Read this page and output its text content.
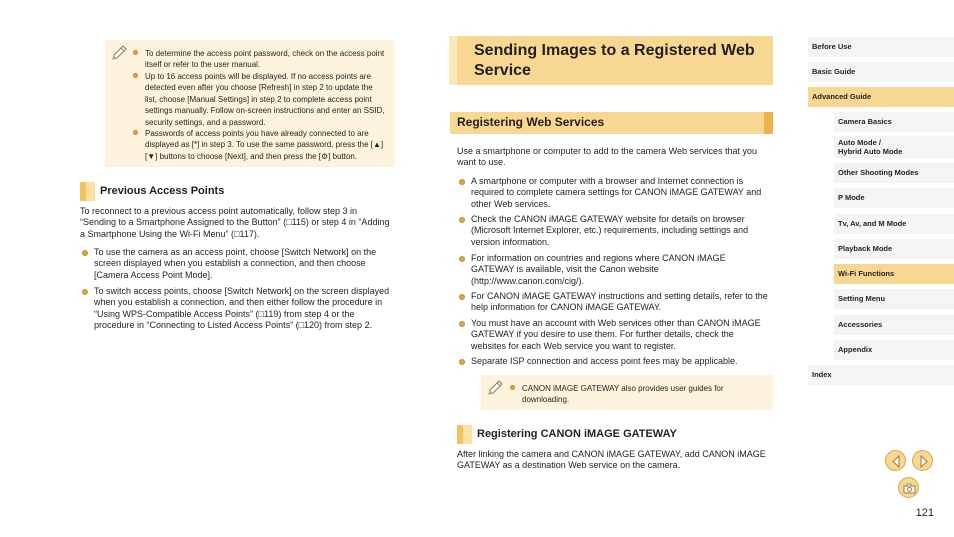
To determine the access point password, check on the access point itself or refer to the user manual.
Up to 16 access points will be displayed. If no access points are detected even after you choose [Refresh] in step 2 to update the list, choose [Manual Settings] in step 2 to complete access point settings manually. Follow on-screen instructions and enter an SSID, security settings, and a password.
Passwords of access points you have already connected to are displayed as [*] in step 3. To use the same password, press the [▲][▼] buttons to choose [Next], and then press the [⚙] button.
Previous Access Points
To reconnect to a previous access point automatically, follow step 3 in “Sending to a Smartphone Assigned to the Button” (□115) or step 4 in “Adding a Smartphone Using the Wi-Fi Menu” (□117).
To use the camera as an access point, choose [Switch Network] on the screen displayed when you establish a connection, and then choose [Camera Access Point Mode].
To switch access points, choose [Switch Network] on the screen displayed when you establish a connection, and then either follow the procedure in “Using WPS-Compatible Access Points” (□119) from step 4 or the procedure in “Connecting to Listed Access Points” (□120) from step 2.
Sending Images to a Registered Web Service
Registering Web Services
Use a smartphone or computer to add to the camera Web services that you want to use.
A smartphone or computer with a browser and Internet connection is required to complete camera settings for CANON iMAGE GATEWAY and other Web services.
Check the CANON iMAGE GATEWAY website for details on browser (Microsoft Internet Explorer, etc.) requirements, including settings and version information.
For information on countries and regions where CANON iMAGE GATEWAY is available, visit the Canon website (http://www.canon.com/cig/).
For CANON iMAGE GATEWAY instructions and setting details, refer to the help information for CANON iMAGE GATEWAY.
You must have an account with Web services other than CANON iMAGE GATEWAY if you desire to use them. For further details, check the websites for each Web service you want to register.
Separate ISP connection and access point fees may be applicable.
CANON iMAGE GATEWAY also provides user guides for downloading.
Registering CANON iMAGE GATEWAY
After linking the camera and CANON iMAGE GATEWAY, add CANON iMAGE GATEWAY as a destination Web service on the camera.
Before Use
Basic Guide
Advanced Guide
Camera Basics
Auto Mode /
Hybrid Auto Mode
Other Shooting Modes
P Mode
Tv, Av, and M Mode
Playback Mode
Wi-Fi Functions
Setting Menu
Accessories
Appendix
Index
121
